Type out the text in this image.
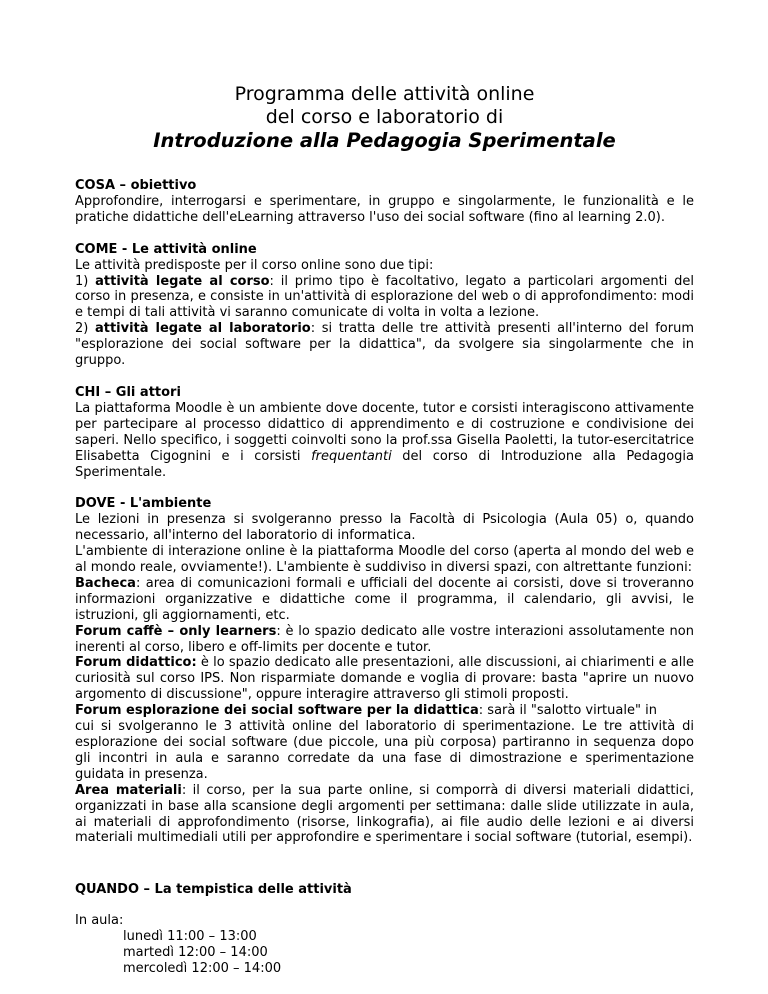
Programma delle attività online
del corso e laboratorio di
Introduzione alla Pedagogia Sperimentale
COSA – obiettivo

Approfondire, interrogarsi e sperimentare, in gruppo e singolarmente, le funzionalità e le pratiche didattiche dell'eLearning attraverso l'uso dei social software (fino al learning 2.0).

COME - Le attività online

Le attività predisposte per il corso online sono due tipi:

1) attività legate al corso: il primo tipo è facoltativo, legato a particolari argomenti del corso in presenza, e consiste in un'attività di esplorazione del web o di approfondimento: modi e tempi di tali attività vi saranno comunicate di volta in volta a lezione.

2) attività legate al laboratorio: si tratta delle tre attività presenti all'interno del forum "esplorazione dei social software per la didattica", da svolgere sia singolarmente che in gruppo.

CHI – Gli attori

La piattaforma Moodle è un ambiente dove docente, tutor e corsisti interagiscono attivamente per partecipare al processo didattico di apprendimento e di costruzione e condivisione dei saperi. Nello specifico, i soggetti coinvolti sono la prof.ssa Gisella Paoletti, la tutor-esercitatrice Elisabetta Cigognini e i corsisti frequentanti del corso di Introduzione alla Pedagogia Sperimentale.

DOVE - L'ambiente

Le lezioni in presenza si svolgeranno presso la Facoltà di Psicologia (Aula 05) o, quando necessario, all'interno del laboratorio di informatica.

L'ambiente di interazione online è la piattaforma Moodle del corso (aperta al mondo del web e al mondo reale, ovviamente!). L'ambiente è suddiviso in diversi spazi, con altrettante funzioni:

Bacheca: area di comunicazioni formali e ufficiali del docente ai corsisti, dove si troveranno informazioni organizzative e didattiche come il programma, il calendario, gli avvisi, le istruzioni, gli aggiornamenti, etc.

Forum caffè – only learners: è lo spazio dedicato alle vostre interazioni assolutamente non inerenti al corso, libero e off-limits per docente e tutor.

Forum didattico: è lo spazio dedicato alle presentazioni, alle discussioni, ai chiarimenti e alle curiosità sul corso IPS. Non risparmiate domande e voglia di provare: basta "aprire un nuovo argomento di discussione", oppure interagire attraverso gli stimoli proposti.

Forum esplorazione dei social software per la didattica: sarà il "salotto virtuale" in

cui si svolgeranno le 3 attività online del laboratorio di sperimentazione. Le tre attività di esplorazione dei social software (due piccole, una più corposa) partiranno in sequenza dopo gli incontri in aula e saranno corredate da una fase di dimostrazione e sperimentazione guidata in presenza.

Area materiali: il corso, per la sua parte online, si comporrà di diversi materiali didattici, organizzati in base alla scansione degli argomenti per settimana: dalle slide utilizzate in aula, ai materiali di approfondimento (risorse, linkografia), ai file audio delle lezioni e ai diversi materiali multimediali utili per approfondire e sperimentare i social software (tutorial, esempi).

QUANDO – La tempistica delle attività
In aula:
lunedì 11:00 – 13:00
martedì 12:00 – 14:00
mercoledì 12:00 – 14:00
